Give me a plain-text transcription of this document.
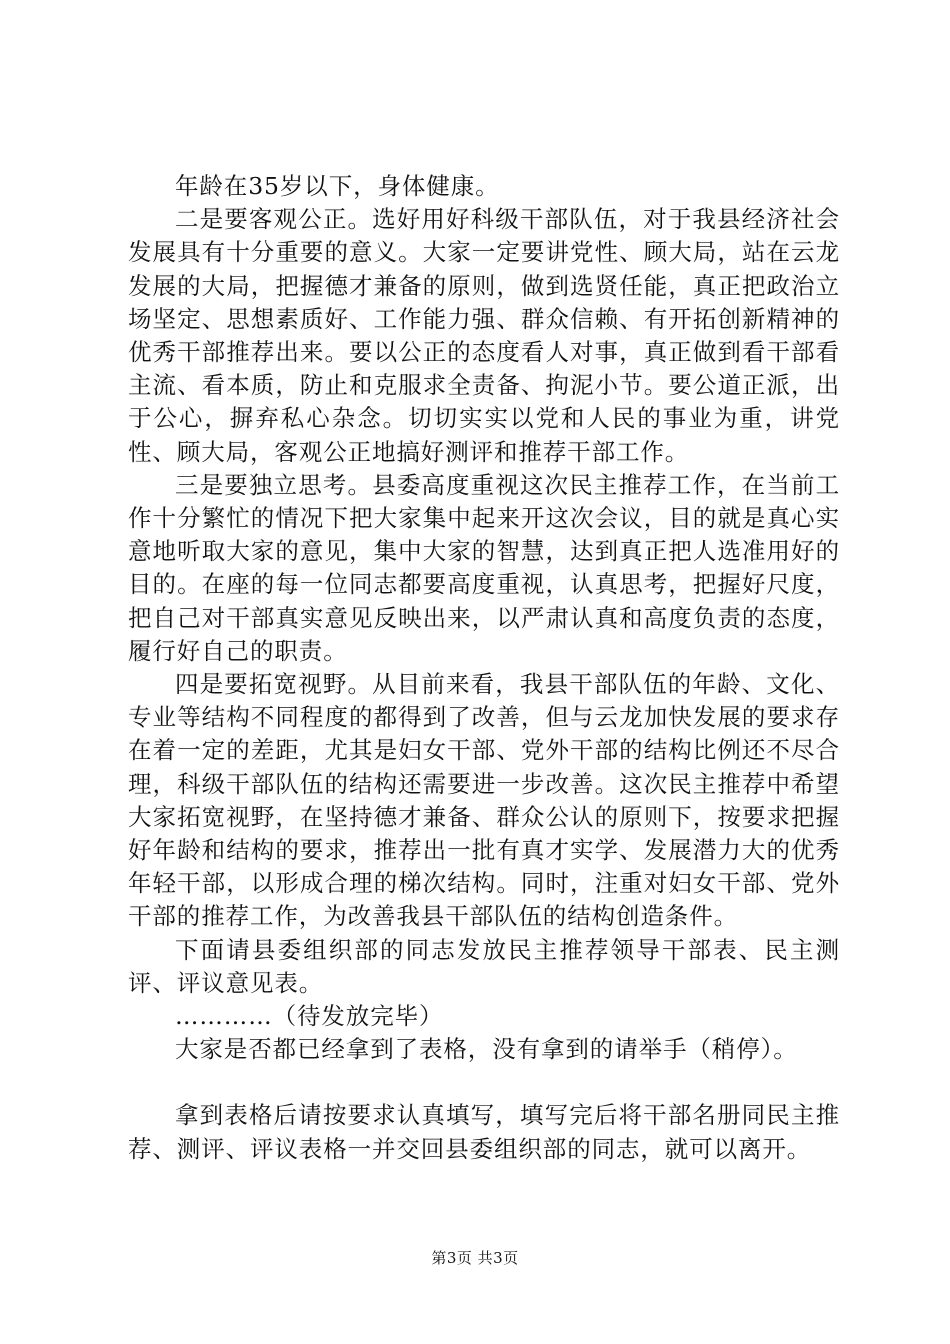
年龄在35岁以下，身体健康。

二是要客观公正。选好用好科级干部队伍，对于我县经济社会发展具有十分重要的意义。大家一定要讲党性、顾大局，站在云龙发展的大局，把握德才兼备的原则，做到选贤任能，真正把政治立场坚定、思想素质好、工作能力强、群众信赖、有开拓创新精神的优秀干部推荐出来。要以公正的态度看人对事，真正做到看干部看主流、看本质，防止和克服求全责备、拘泥小节。要公道正派，出于公心，摒弃私心杂念。切切实实以党和人民的事业为重，讲党性、顾大局，客观公正地搞好测评和推荐干部工作。

三是要独立思考。县委高度重视这次民主推荐工作，在当前工作十分繁忙的情况下把大家集中起来开这次会议，目的就是真心实意地听取大家的意见，集中大家的智慧，达到真正把人选准用好的目的。在座的每一位同志都要高度重视，认真思考，把握好尺度，把自己对干部真实意见反映出来，以严肃认真和高度负责的态度，履行好自己的职责。

四是要拓宽视野。从目前来看，我县干部队伍的年龄、文化、专业等结构不同程度的都得到了改善，但与云龙加快发展的要求存在着一定的差距，尤其是妇女干部、党外干部的结构比例还不尽合理，科级干部队伍的结构还需要进一步改善。这次民主推荐中希望大家拓宽视野，在坚持德才兼备、群众公认的原则下，按要求把握好年龄和结构的要求，推荐出一批有真才实学、发展潜力大的优秀年轻干部，以形成合理的梯次结构。同时，注重对妇女干部、党外干部的推荐工作，为改善我县干部队伍的结构创造条件。

下面请县委组织部的同志发放民主推荐领导干部表、民主测评、评议意见表。

…………（待发放完毕）

大家是否都已经拿到了表格，没有拿到的请举手（稍停）。

拿到表格后请按要求认真填写，填写完后将干部名册同民主推荐、测评、评议表格一并交回县委组织部的同志，就可以离开。

第3页 共3页
